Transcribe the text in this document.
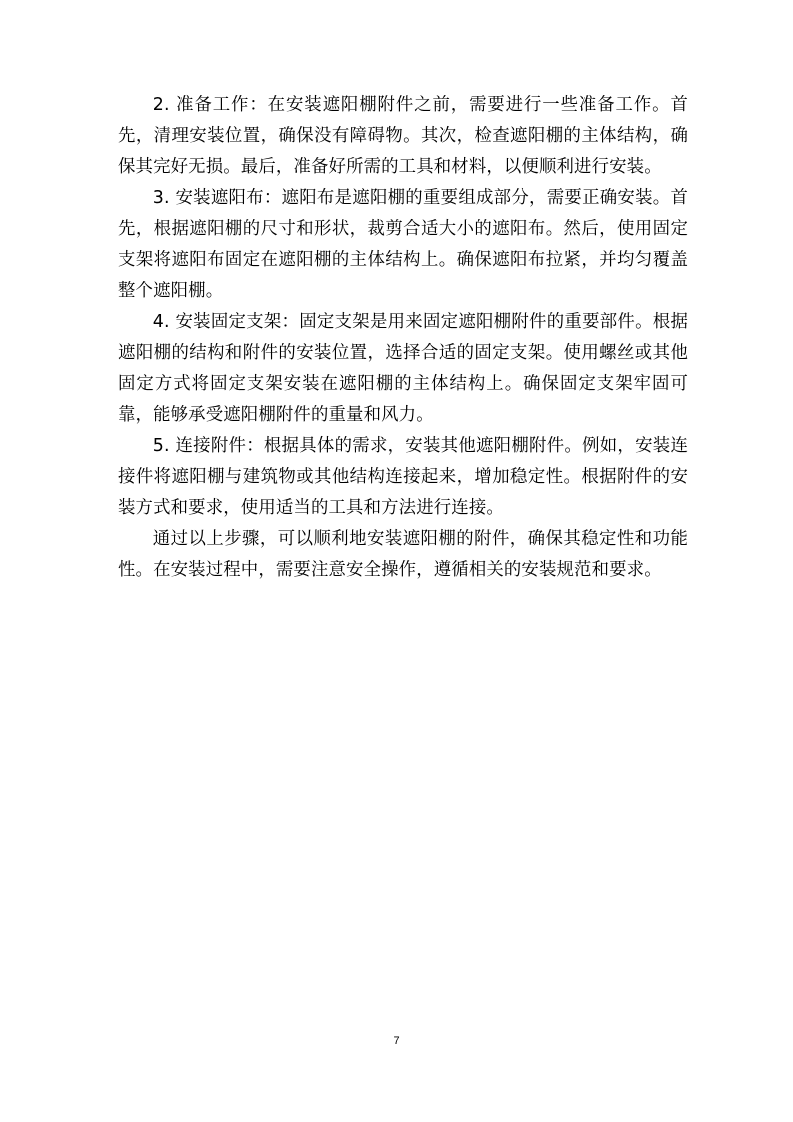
2. 准备工作：在安装遮阳棚附件之前，需要进行一些准备工作。首先，清理安装位置，确保没有障碍物。其次，检查遮阳棚的主体结构，确保其完好无损。最后，准备好所需的工具和材料，以便顺利进行安装。

3. 安装遮阳布：遮阳布是遮阳棚的重要组成部分，需要正确安装。首先，根据遮阳棚的尺寸和形状，裁剪合适大小的遮阳布。然后，使用固定支架将遮阳布固定在遮阳棚的主体结构上。确保遮阳布拉紧，并均匀覆盖整个遮阳棚。

4. 安装固定支架：固定支架是用来固定遮阳棚附件的重要部件。根据遮阳棚的结构和附件的安装位置，选择合适的固定支架。使用螺丝或其他固定方式将固定支架安装在遮阳棚的主体结构上。确保固定支架牢固可靠，能够承受遮阳棚附件的重量和风力。

5. 连接附件：根据具体的需求，安装其他遮阳棚附件。例如，安装连接件将遮阳棚与建筑物或其他结构连接起来，增加稳定性。根据附件的安装方式和要求，使用适当的工具和方法进行连接。

通过以上步骤，可以顺利地安装遮阳棚的附件，确保其稳定性和功能性。在安装过程中，需要注意安全操作，遵循相关的安装规范和要求。

7
